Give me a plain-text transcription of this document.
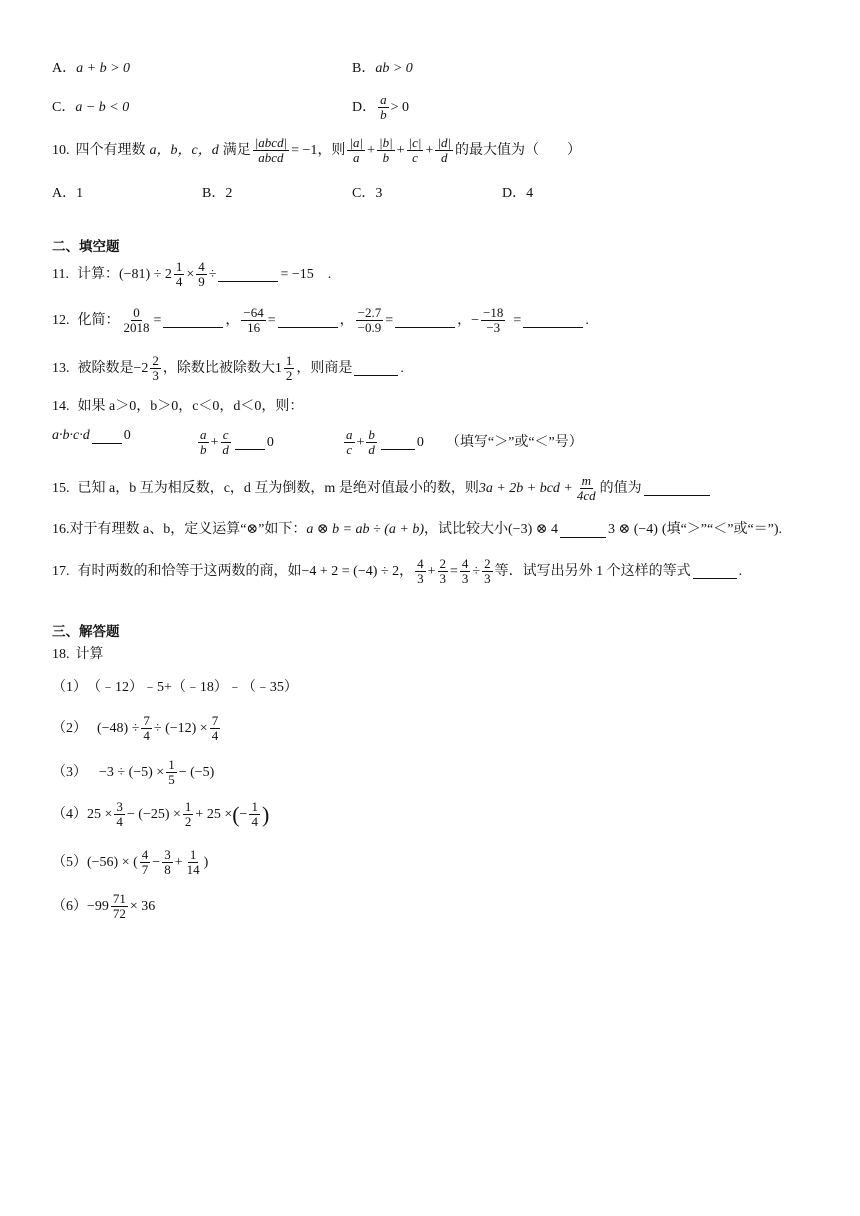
A． a + b > 0	B． ab > 0
C． a − b < 0	D． $\frac{a}{b} > 0$
10. 四个有理数 a，b，c，d 满足 $\frac{\text{|abcd|}}{\text{abcd}} = -1$ ，则 $\frac{|a|}{a} + \frac{|b|}{b} + \frac{|c|}{c} + \frac{|d|}{d}$ 的最大值为（　　）
A．1	B．2	C．3	D．4
二、填空题
11. 计算： $(-81) \div 2 \frac{1}{4} \times \frac{4}{9}$ ÷	= −15　.
12. 化简： $\frac{0}{2018}$ =	， $\frac{-64}{16}$ =	， $\frac{-2.7}{-0.9}$ =	， − $\frac{-18}{-3}$ =	.
13. 被除数是 $-2 \frac{2}{3}$ ，除数比被除数大 $1 \frac{1}{2}$ ，则商是	.
14. 如果 a＞0，b＞0，c＜0，d＜0，则：
a·b·c·d 0	$\frac{a}{b} + \frac{c}{d}$	0	$\frac{a}{c} + \frac{b}{d}$	0 （填写“＞”或“＜”号）
15. 已知 a，b 互为相反数，c，d 互为倒数，m 是绝对值最小的数，则 3a + 2b + bcd + $\frac{m}{4cd}$ 的值为
16. 对于有理数 a、b，定义运算“⊗”如下： a ⊗ b = ab ÷ (a + b) ，试比较大小 (−3) ⊗ 4	3 ⊗ (−4) (填“＞”“＜”或“＝”).
17. 有时两数的和恰等于这两数的商，如 −4 + 2 = (−4) ÷ 2 ， $\frac{4}{3} + \frac{2}{3} = \frac{4}{3} \div \frac{2}{3}$ 等．试写出另外 1 个这样的等式	.
三、解答题
18. 计算
（1） （﹣12）﹣5+（﹣18）﹣（﹣35）
（2） $(-48) \div \frac{7}{4} \div (-12) \times \frac{7}{4}$
$(3) -3 \div (-5) \times \frac{1}{5} - (-5)$
（4） $25 \times \frac{3}{4} - (-25) \times \frac{1}{2} + 25$ × ( − $\frac{1}{4}$ )
（5） (−56) × ( $\frac{4}{7} - \frac{3}{8} + \frac{1}{14}$ )
$(6) -99 \frac{71}{72} \times 36$
